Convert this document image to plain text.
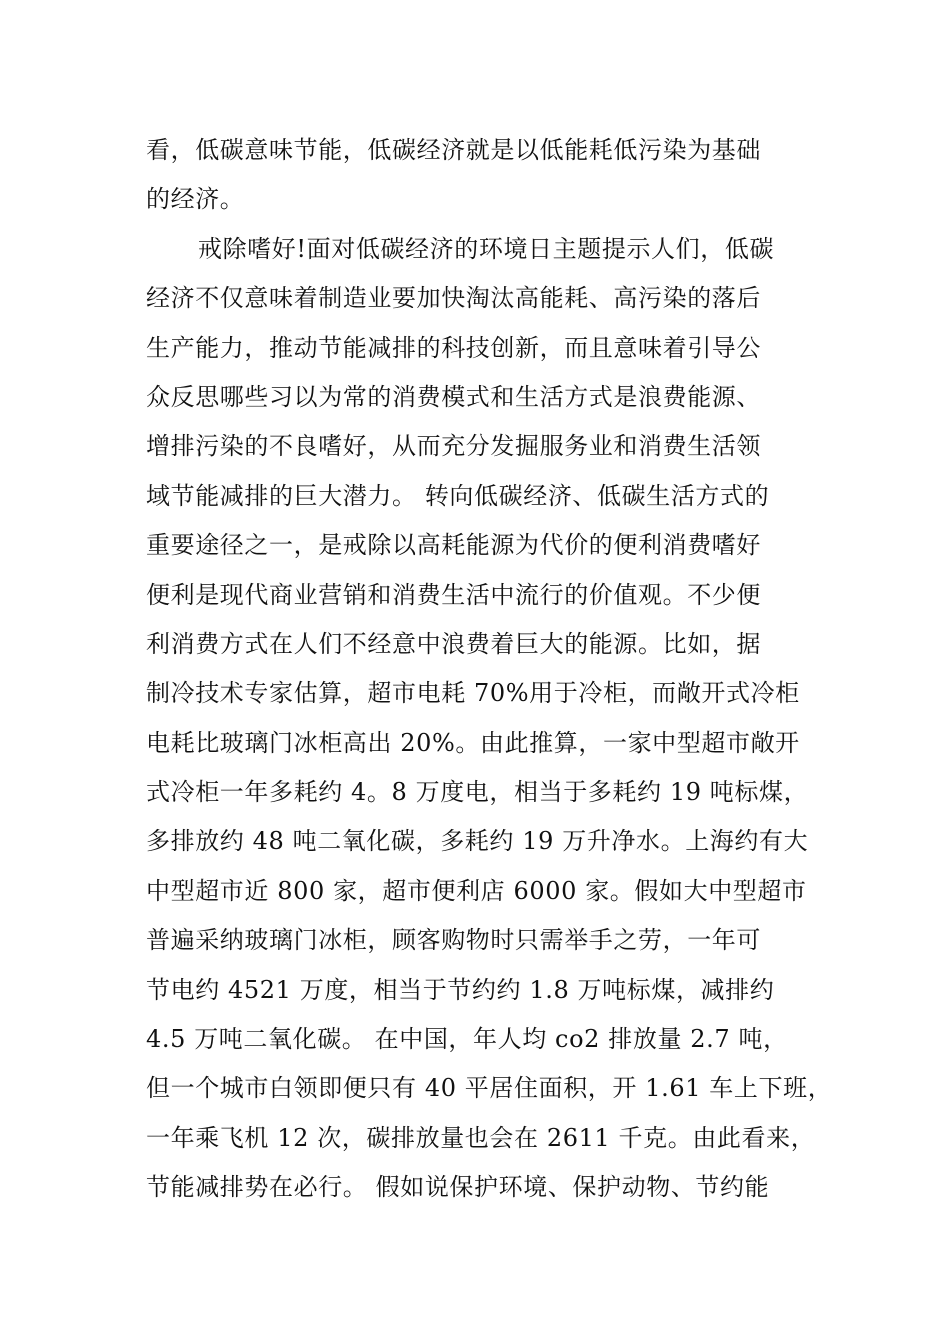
看，低碳意味节能，低碳经济就是以低能耗低污染为基础
的经济。
戒除嗜好!面对低碳经济的环境日主题提示人们，低碳
经济不仅意味着制造业要加快淘汰高能耗、高污染的落后
生产能力，推动节能减排的科技创新，而且意味着引导公
众反思哪些习以为常的消费模式和生活方式是浪费能源、
增排污染的不良嗜好，从而充分发掘服务业和消费生活领
域节能减排的巨大潜力。 转向低碳经济、低碳生活方式的
重要途径之一，是戒除以高耗能源为代价的便利消费嗜好
便利是现代商业营销和消费生活中流行的价值观。不少便
利消费方式在人们不经意中浪费着巨大的能源。比如，据
制冷技术专家估算，超市电耗 70%用于冷柜，而敞开式冷柜
电耗比玻璃门冰柜高出 20%。由此推算，一家中型超市敞开
式冷柜一年多耗约 4。8 万度电，相当于多耗约 19 吨标煤，
多排放约 48 吨二氧化碳，多耗约 19 万升净水。上海约有大
中型超市近 800 家，超市便利店 6000 家。假如大中型超市
普遍采纳玻璃门冰柜，顾客购物时只需举手之劳，一年可
节电约 4521 万度，相当于节约约 1.8 万吨标煤，减排约
4.5 万吨二氧化碳。 在中国，年人均 co2 排放量 2.7 吨，
但一个城市白领即便只有 40 平居住面积，开 1.61 车上下班，
一年乘飞机 12 次，碳排放量也会在 2611 千克。由此看来，
节能减排势在必行。 假如说保护环境、保护动物、节约能
